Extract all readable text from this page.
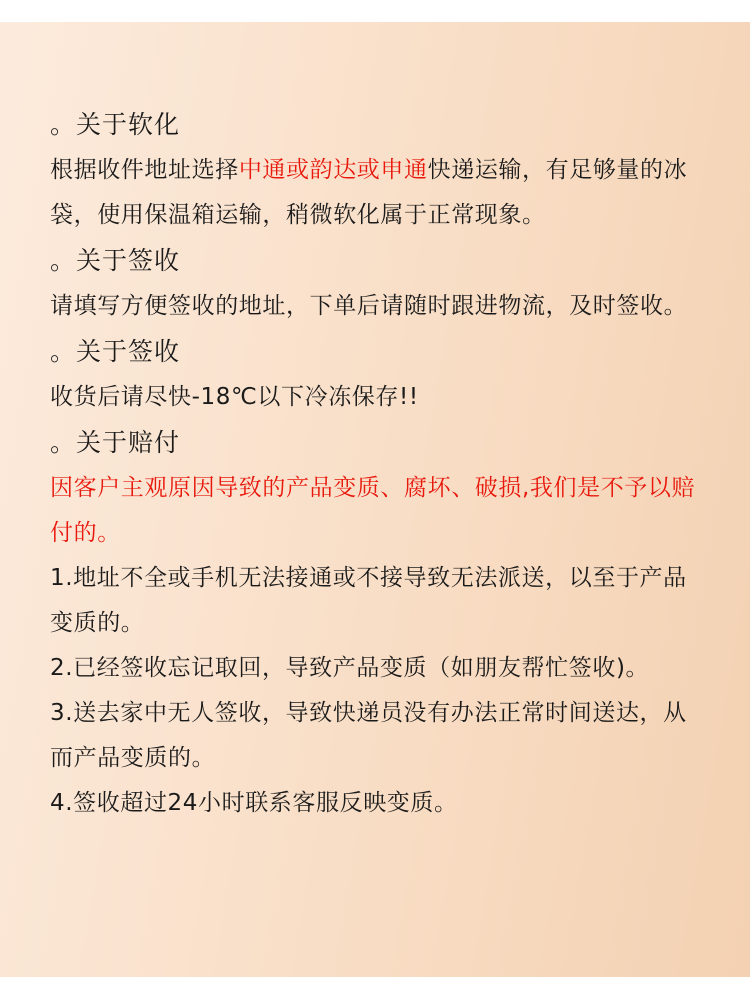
。关于软化

根据收件地址选择中通或韵达或申通快递运输，有足够量的冰袋，使用保温箱运输，稍微软化属于正常现象。

。关于签收

请填写方便签收的地址，下单后请随时跟进物流，及时签收。

。关于签收

收货后请尽快-18℃以下冷冻保存!!

。关于赔付

因客户主观原因导致的产品变质、腐坏、破损,我们是不予以赔付的。

1.地址不全或手机无法接通或不接导致无法派送，以至于产品变质的。

2.已经签收忘记取回，导致产品变质（如朋友帮忙签收)。

3.送去家中无人签收，导致快递员没有办法正常时间送达，从而产品变质的。

4.签收超过24小时联系客服反映变质。
